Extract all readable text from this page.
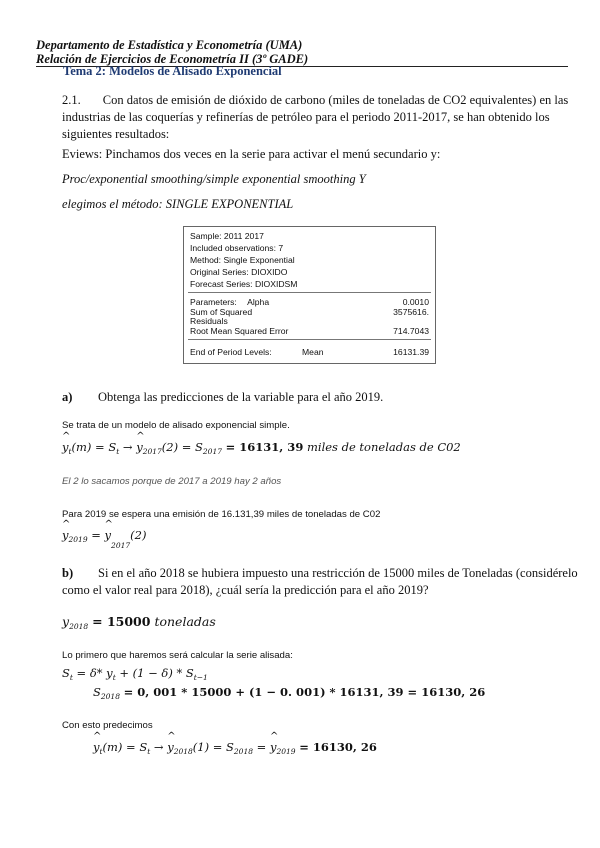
Departamento de Estadística y Econometría (UMA)
Relación de Ejercicios de Econometría II (3º GADE)
Tema 2: Modelos de Alisado Exponencial
2.1. Con datos de emisión de dióxido de carbono (miles de toneladas de CO2 equivalentes) en las
industrias de las coquerías y refinerías de petróleo para el periodo 2011-2017, se han obtenido los
siguientes resultados:
Eviews: Pinchamos dos veces en la serie para activar el menú secundario y:
Proc/exponential smoothing/simple exponential smoothing Y
elegimos el método: SINGLE EXPONENTIAL
Sample: 2011 2017
Included observations: 7
Method: Single Exponential
Original Series: DIOXIDO
Forecast Series: DIOXIDSM
Parameters: Alpha	0.0010
Sum of Squared	3575616.
Residuals
Root Mean Squared Error	714.7043
End of Period Levels:	Mean	16131.39
a) Obtenga las predicciones de la variable para el año 2019.
Se trata de un modelo de alisado exponencial simple.
^ $y_t(m) = S_t$ → ^ $y_{2017}(2) = S_{2017} = 16131$, 39 miles de toneladas de C02
El 2 lo sacamos porque de 2017 a 2019 hay 2 años
Para 2019 se espera una emisión de 16.131,39 miles de toneladas de C02
^ $y_{2019}$ = ^ $y_{2017}(2)$
b) Si en el año 2018 se hubiera impuesto una restricción de 15000 miles de Toneladas (considérelo
como el valor real para 2018), ¿cuál sería la predicción para el año 2019?
$y_{2018} = 15000$ toneladas
Lo primero que haremos será calcular la serie alisada:
$S_t = \delta*$ $y_t + (1 - \delta) * S_{t-1}$
$S_{2018} = 0$, 001 * 15000 + (1 − 0. 001) * 16131, 39 = 16130, 26
Con esto predecimos
^ $y_t(m) = S_t$ → ^ $y_{2018}(1) = S_{2018}$ = ^ $y_{2019} = 16130$, 26
